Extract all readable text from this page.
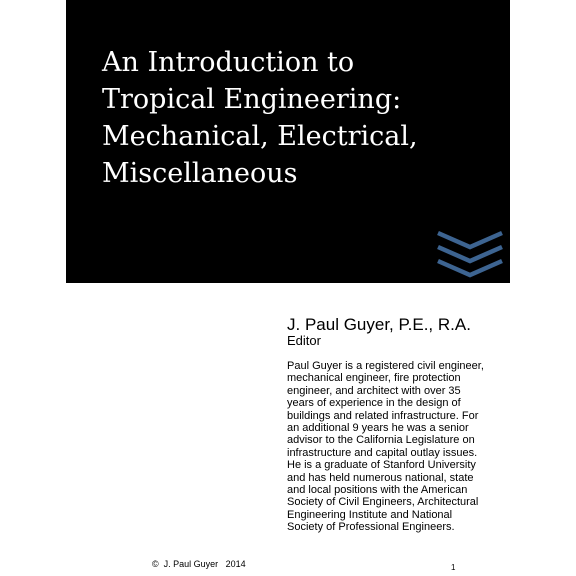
An Introduction to
Tropical Engineering:
Mechanical, Electrical,
Miscellaneous
J. Paul Guyer, P.E., R.A.
Editor

Paul Guyer is a registered civil engineer,
mechanical engineer, fire protection
engineer, and architect with over 35
years of experience in the design of
buildings and related infrastructure. For
an additional 9 years he was a senior
advisor to the California Legislature on
infrastructure and capital outlay issues.
He is a graduate of Stanford University
and has held numerous national, state
and local positions with the American
Society of Civil Engineers, Architectural
Engineering Institute and National
Society of Professional Engineers.

©  J. Paul Guyer   2014	1
